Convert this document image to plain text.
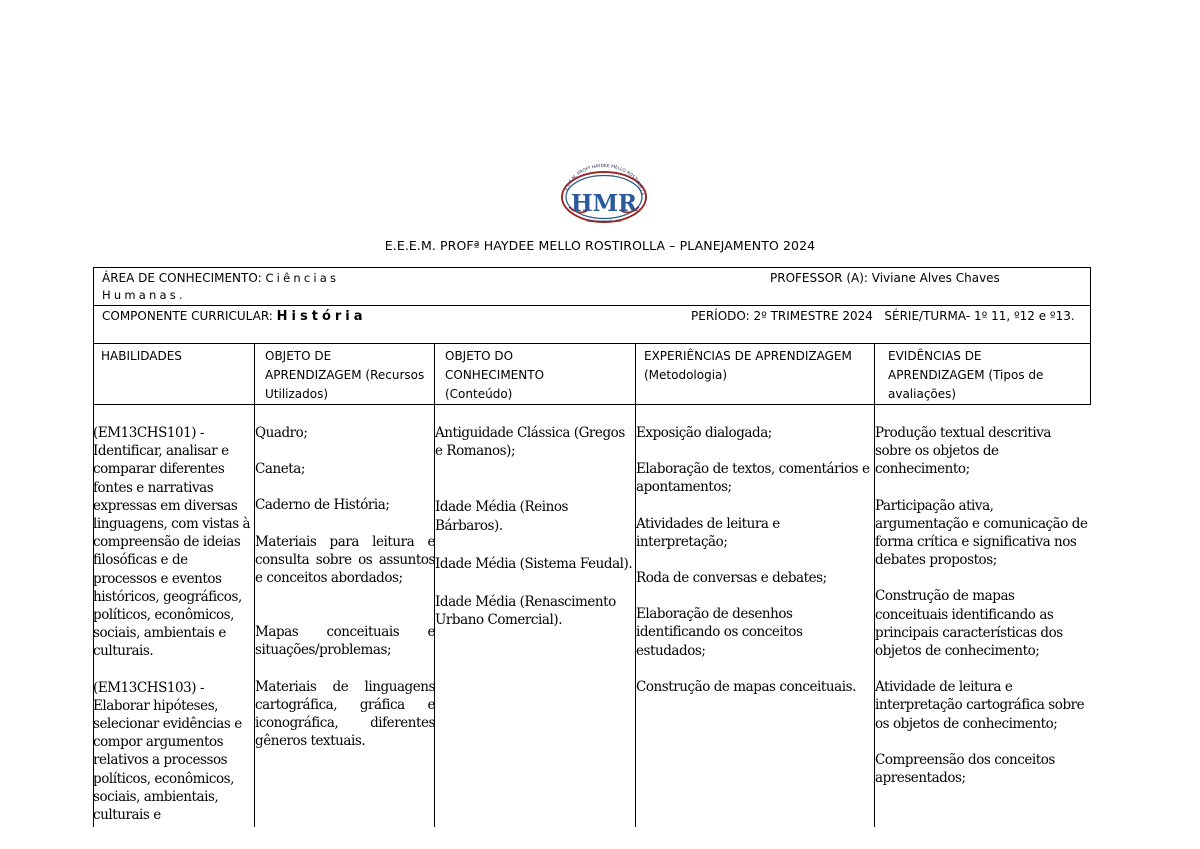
E.E.E.M. PROFª HAYDEE MELLO ROSTIROLLA
HMR
São Leopoldo - RS
E.E.E.M. PROFª HAYDEE MELLO ROSTIROLLA – PLANEJAMENTO 2024
ÁREA DE CONHECIMENTO: Ciências
Humanas.
PROFESSOR (A): Viviane Alves Chaves
COMPONENTE CURRICULAR: História	PERÍODO: 2º TRIMESTRE 2024   SÉRIE/TURMA- 1º 11, º12 e º13.
HABILIDADES	OBJETO DE
APRENDIZAGEM (Recursos
Utilizados)
OBJETO DO
CONHECIMENTO
(Conteúdo)
EXPERIÊNCIAS DE APRENDIZAGEM
(Metodologia)
EVIDÊNCIAS DE
APRENDIZAGEM (Tipos de
avaliações)

(EM13CHS101) - Identificar, analisar e comparar diferentes fontes e narrativas expressas em diversas linguagens, com vistas à compreensão de ideias filosóficas e de processos e eventos históricos, geográficos, políticos, econômicos, sociais, ambientais e culturais.

(EM13CHS103) - Elaborar hipóteses, selecionar evidências e compor argumentos relativos a processos políticos, econômicos, sociais, ambientais, culturais e

Quadro;

Caneta;

Caderno de História;

Materiais para leitura e consulta sobre os assuntos e conceitos abordados;

Mapas conceituais e situações/problemas;

Materiais de linguagens cartográfica, gráfica e iconográfica, diferentes gêneros textuais.

Antiguidade Clássica (Gregos e Romanos);

Idade Média (Reinos Bárbaros).

Idade Média (Sistema Feudal).

Idade Média (Renascimento Urbano Comercial).

Exposição dialogada;

Elaboração de textos, comentários e apontamentos;

Atividades de leitura e interpretação;

Roda de conversas e debates;

Elaboração de desenhos identificando os conceitos estudados;

Construção de mapas conceituais.

Produção textual descritiva sobre os objetos de conhecimento;

Participação ativa, argumentação e comunicação de forma crítica e significativa nos debates propostos;

Construção de mapas conceituais identificando as principais características dos objetos de conhecimento;

Atividade de leitura e interpretação cartográfica sobre os objetos de conhecimento;

Compreensão dos conceitos apresentados;
